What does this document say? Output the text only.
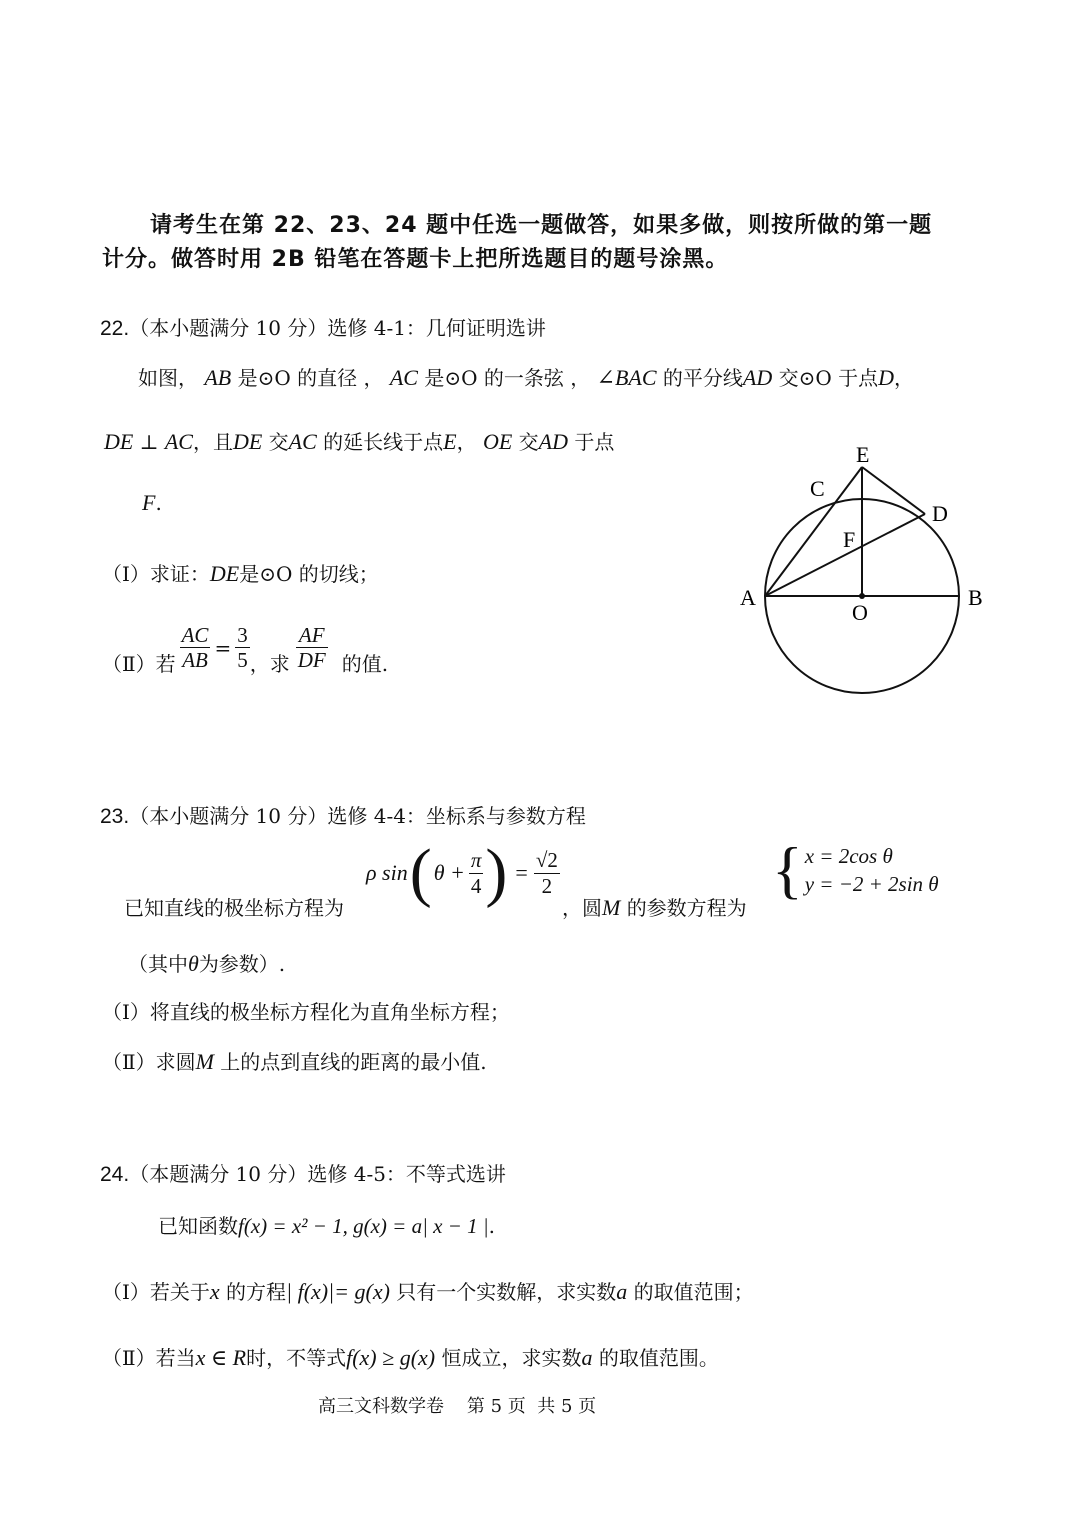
请考生在第 22、23、24 题中任选一题做答，如果多做，则按所做的第一题
计分。做答时用 2B 铅笔在答题卡上把所选题目的题号涂黑。
22.（本小题满分 10 分）选修 4-1：几何证明选讲
如图， AB 是⊙O 的直径 ， AC 是⊙O 的一条弦 ， ∠BAC 的平分线AD 交⊙O 于点D，
DE ⊥ AC，且DE 交AC 的延长线于点E， OE 交AD 于点
F.
（Ⅰ）求证：DE是⊙O 的切线；
（Ⅱ）若 $\frac{AC}{AB} = \frac{3}{5}$ ，求 $\frac{AF}{DF}$ 的值.
A	B
C
D
E
F
O
23.（本小题满分 10 分）选修 4-4：坐标系与参数方程
已知直线的极坐标方程为
ρ sin ( $\theta + \frac{\pi}{4}$ ) = $\frac{√2}{2}$
，圆M 的参数方程为
{ x = 2cos θ
y = −2 + 2sin θ
（其中θ为参数）.
（Ⅰ）将直线的极坐标方程化为直角坐标方程；
（Ⅱ）求圆M 上的点到直线的距离的最小值.
24.（本题满分 10 分）选修 4-5：不等式选讲
已知函数f(x) = x² − 1, g(x) = a| x − 1 |.
（Ⅰ）若关于x 的方程| f(x)|= g(x) 只有一个实数解，求实数a 的取值范围；
（Ⅱ）若当x ∈ R时，不等式f(x) ≥ g(x) 恒成立，求实数a 的取值范围。
高三文科数学卷    第 5 页  共 5 页
